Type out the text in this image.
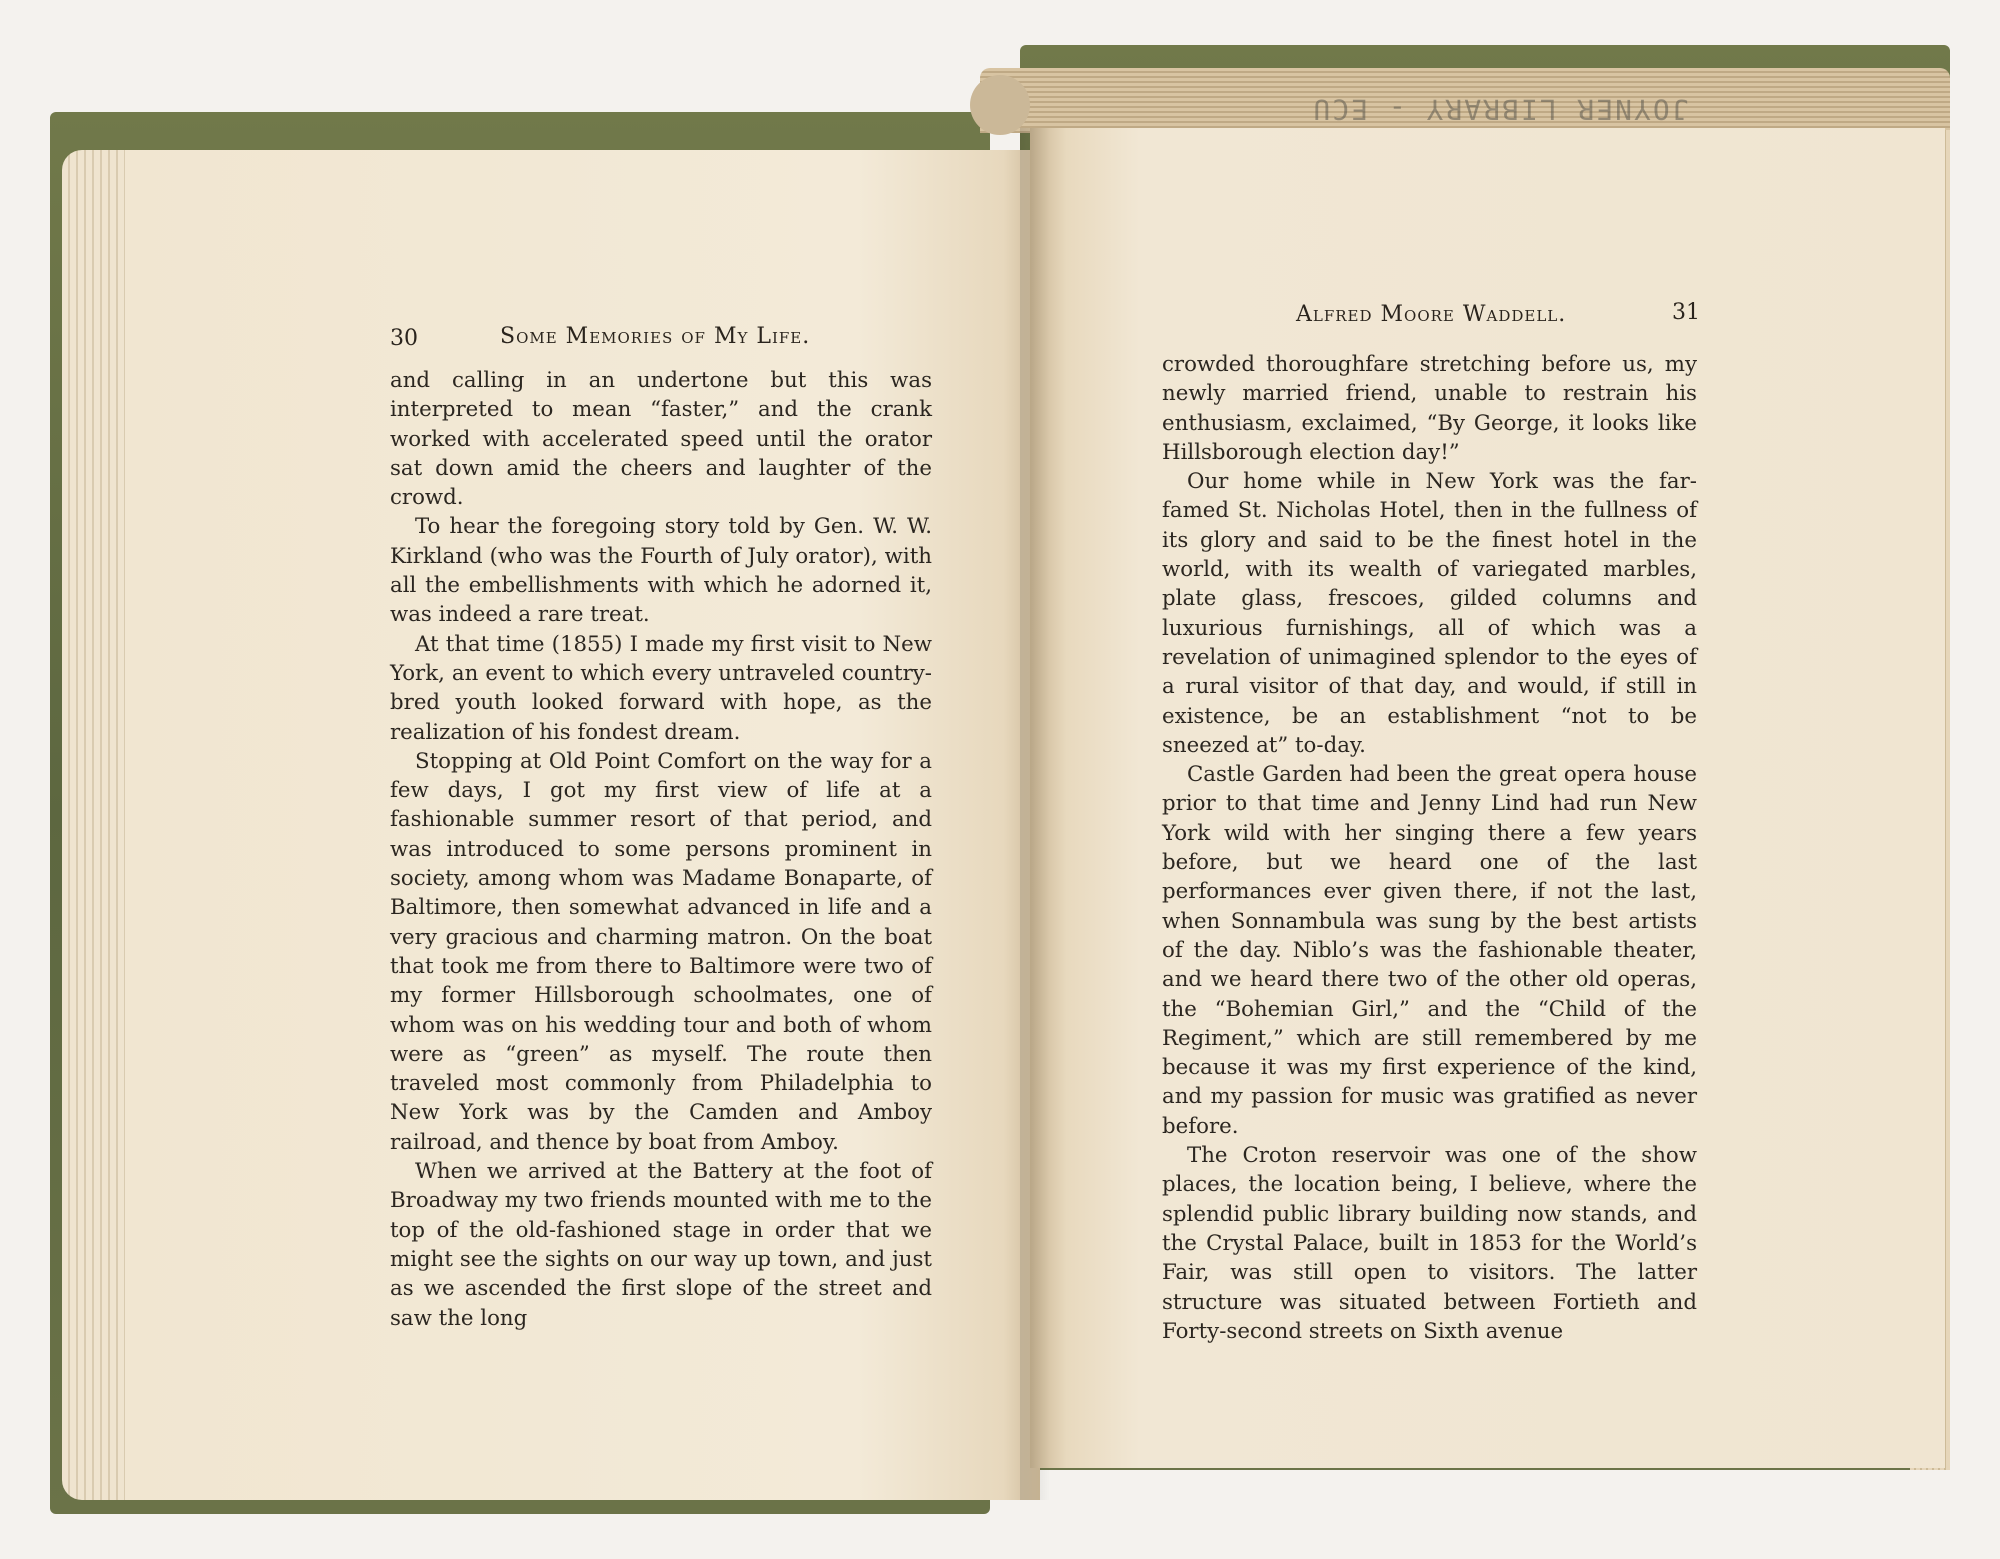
JOYNER LIBRARY - ECU
30	Some Memories of My Life.

and calling in an undertone but this was interpreted to mean “faster,” and the crank worked with accelerated speed until the orator sat down amid the cheers and laughter of the crowd.

To hear the foregoing story told by Gen. W. W. Kirkland (who was the Fourth of July orator), with all the embellishments with which he adorned it, was indeed a rare treat.

At that time (1855) I made my first visit to New York, an event to which every untraveled country-bred youth looked forward with hope, as the realization of his fondest dream.

Stopping at Old Point Comfort on the way for a few days, I got my first view of life at a fashionable summer resort of that period, and was introduced to some persons prominent in society, among whom was Madame Bonaparte, of Baltimore, then somewhat advanced in life and a very gracious and charming matron. On the boat that took me from there to Baltimore were two of my former Hillsborough schoolmates, one of whom was on his wedding tour and both of whom were as “green” as myself. The route then traveled most commonly from Philadelphia to New York was by the Camden and Amboy railroad, and thence by boat from Amboy.

When we arrived at the Battery at the foot of Broadway my two friends mounted with me to the top of the old-fashioned stage in order that we might see the sights on our way up town, and just as we ascended the first slope of the street and saw the long

Alfred Moore Waddell.	31

crowded thoroughfare stretching before us, my newly married friend, unable to restrain his enthusiasm, exclaimed, “By George, it looks like Hillsborough election day!”

Our home while in New York was the far-famed St. Nicholas Hotel, then in the fullness of its glory and said to be the finest hotel in the world, with its wealth of variegated marbles, plate glass, frescoes, gilded columns and luxurious furnishings, all of which was a revelation of unimagined splendor to the eyes of a rural visitor of that day, and would, if still in existence, be an establishment “not to be sneezed at” to-day.

Castle Garden had been the great opera house prior to that time and Jenny Lind had run New York wild with her singing there a few years before, but we heard one of the last performances ever given there, if not the last, when Sonnambula was sung by the best artists of the day. Niblo’s was the fashionable theater, and we heard there two of the other old operas, the “Bohemian Girl,” and the “Child of the Regiment,” which are still remembered by me because it was my first experience of the kind, and my passion for music was gratified as never before.

The Croton reservoir was one of the show places, the location being, I believe, where the splendid public library building now stands, and the Crystal Palace, built in 1853 for the World’s Fair, was still open to visitors. The latter structure was situated between Fortieth and Forty-second streets on Sixth avenue
